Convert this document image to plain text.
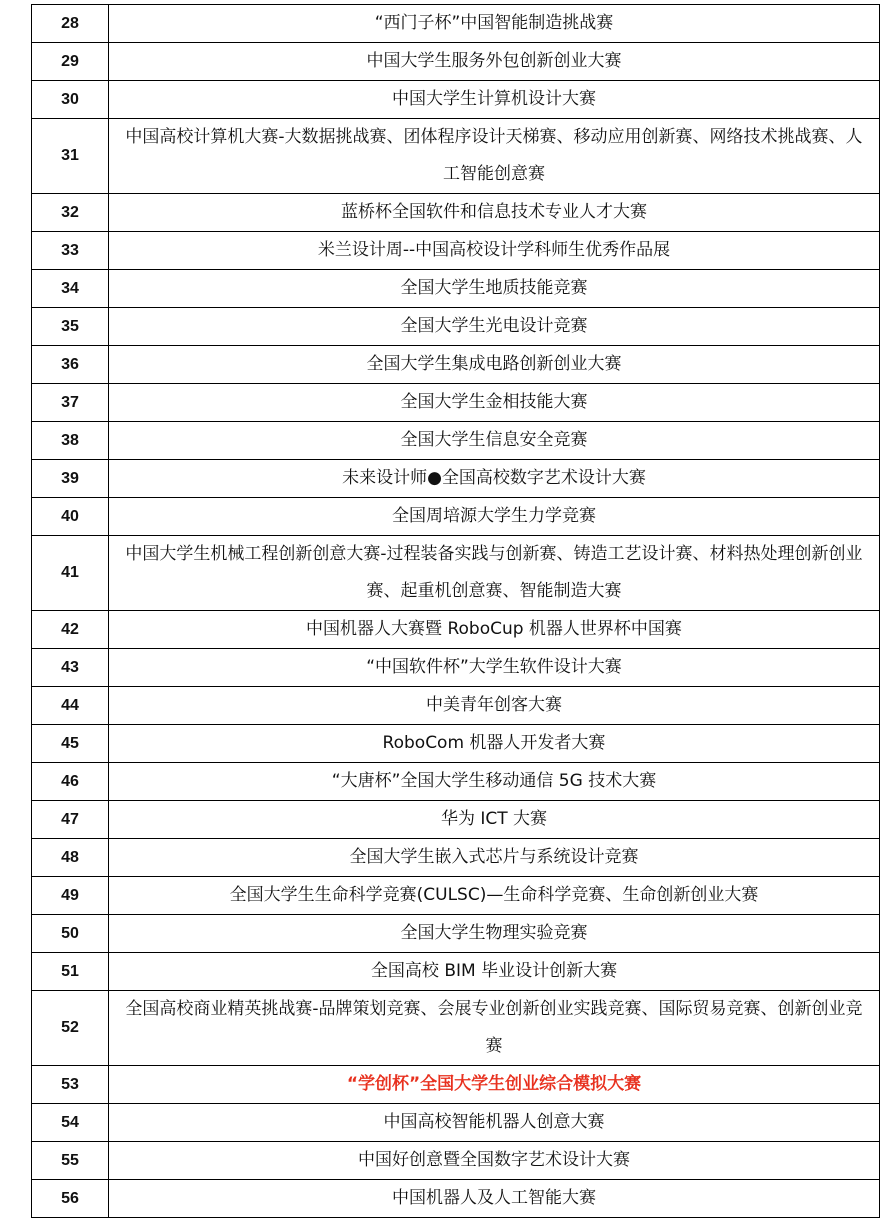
28	“西门子杯”中国智能制造挑战赛
29	中国大学生服务外包创新创业大赛
30	中国大学生计算机设计大赛
31	中国高校计算机大赛-大数据挑战赛、团体程序设计天梯赛、移动应用创新赛、网络技术挑战赛、人工智能创意赛
32	蓝桥杯全国软件和信息技术专业人才大赛
33	米兰设计周--中国高校设计学科师生优秀作品展
34	全国大学生地质技能竞赛
35	全国大学生光电设计竞赛
36	全国大学生集成电路创新创业大赛
37	全国大学生金相技能大赛
38	全国大学生信息安全竞赛
39	未来设计师●全国高校数字艺术设计大赛
40	全国周培源大学生力学竞赛
41	中国大学生机械工程创新创意大赛-过程装备实践与创新赛、铸造工艺设计赛、材料热处理创新创业赛、起重机创意赛、智能制造大赛
42	中国机器人大赛暨 RoboCup 机器人世界杯中国赛
43	“中国软件杯”大学生软件设计大赛
44	中美青年创客大赛
45	RoboCom 机器人开发者大赛
46	“大唐杯”全国大学生移动通信 5G 技术大赛
47	华为 ICT 大赛
48	全国大学生嵌入式芯片与系统设计竞赛
49	全国大学生生命科学竞赛(CULSC)—生命科学竞赛、生命创新创业大赛
50	全国大学生物理实验竞赛
51	全国高校 BIM 毕业设计创新大赛
52	全国高校商业精英挑战赛-品牌策划竞赛、会展专业创新创业实践竞赛、国际贸易竞赛、创新创业竞赛
53	“学创杯”全国大学生创业综合模拟大赛
54	中国高校智能机器人创意大赛
55	中国好创意暨全国数字艺术设计大赛
56	中国机器人及人工智能大赛
